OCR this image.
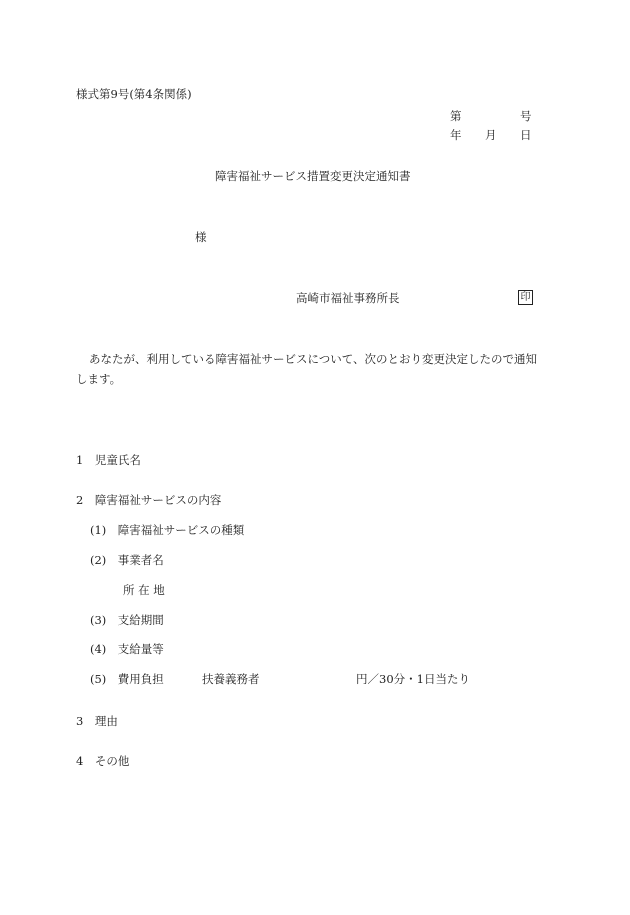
様式第9号(第4条関係)
第	号
年 月 日
障害福祉サービス措置変更決定通知書
様
高崎市福祉事務所長	印
あなたが、利用している障害福祉サービスについて、次のとおり変更決定したので通知
します。
1　児童氏名
2　障害福祉サービスの内容
(1)　障害福祉サービスの種類
(2)　事業者名
所 在 地
(3)　支給期間
(4)　支給量等
(5)　費用負担	扶養義務者	円／30分・1日当たり
3　理由
4　その他
